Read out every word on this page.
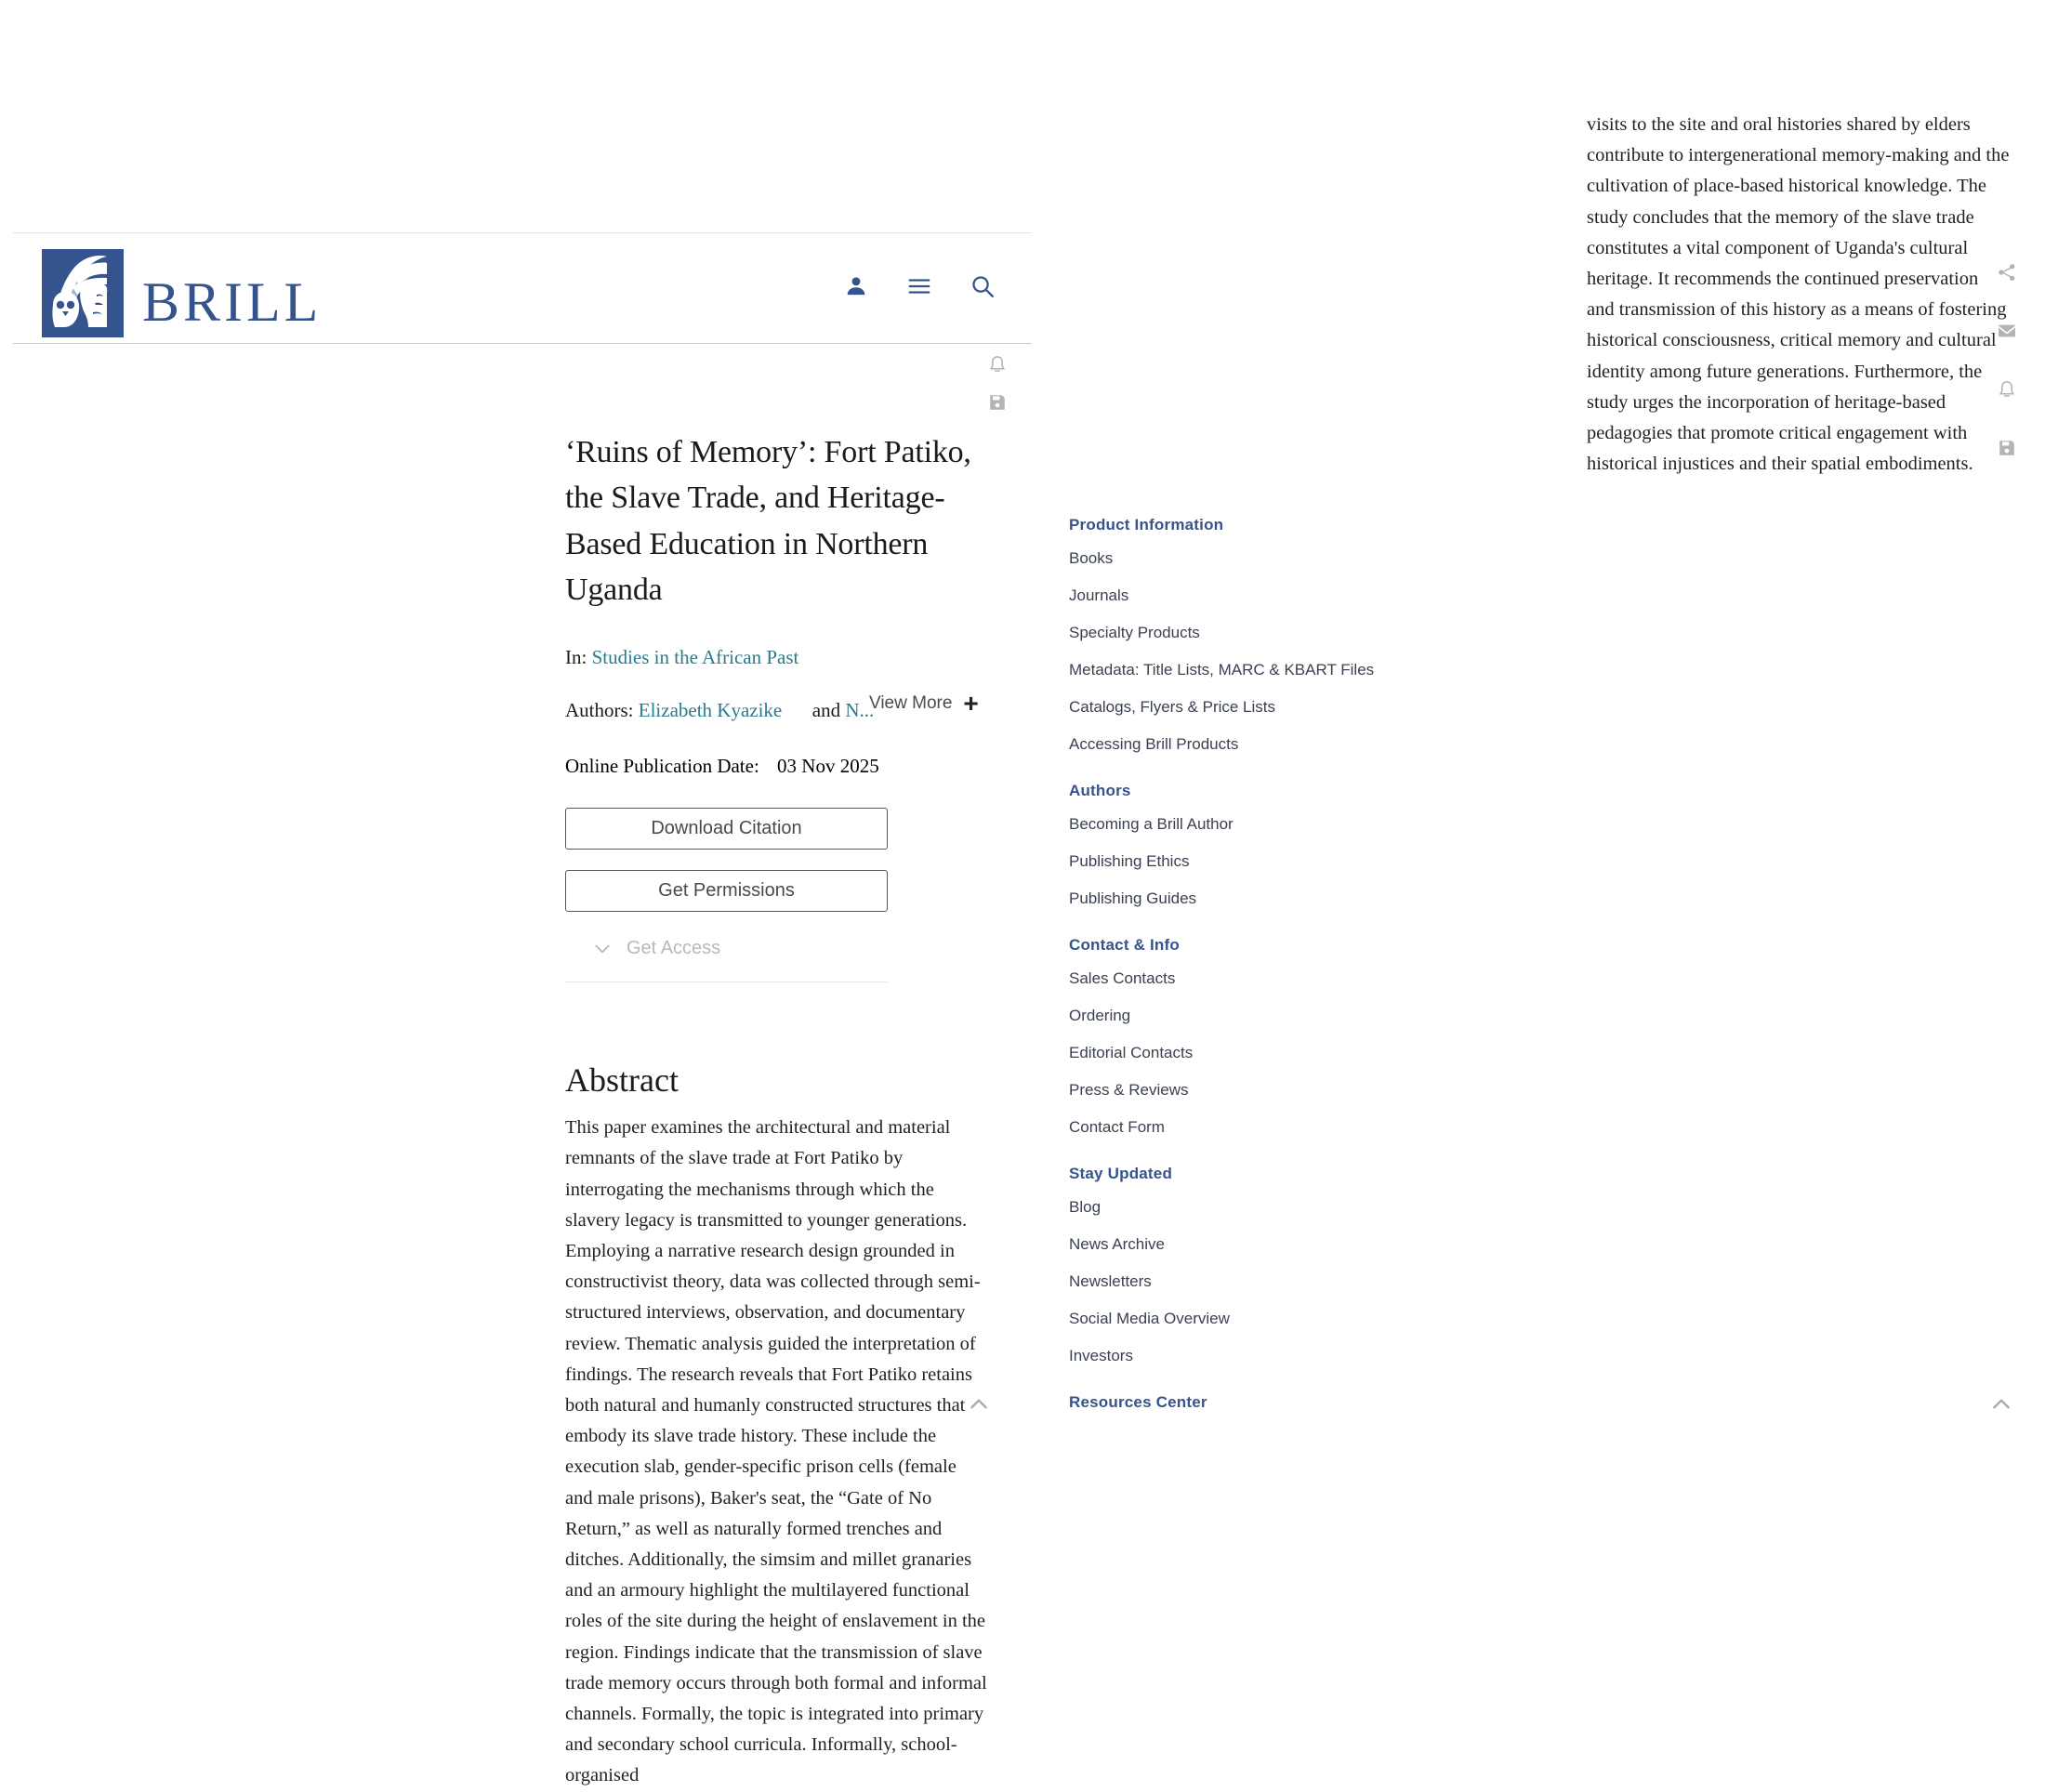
BRILL
‘Ruins of Memory’: Fort Patiko, the Slave Trade, and Heritage-Based Education in Northern Uganda
In: Studies in the African Past
Authors: Elizabeth Kyazike and N...
View More +
Online Publication Date: 03 Nov 2025
Download Citation
Get Permissions
Get Access
Abstract

This paper examines the architectural and material remnants of the slave trade at Fort Patiko by interrogating the mechanisms through which the slavery legacy is transmitted to younger generations. Employing a narrative research design grounded in constructivist theory, data was collected through semi-structured interviews, observation, and documentary review. Thematic analysis guided the interpretation of findings. The research reveals that Fort Patiko retains both natural and humanly constructed structures that embody its slave trade history. These include the execution slab, gender-specific prison cells (female and male prisons), Baker's seat, the “Gate of No Return,” as well as naturally formed trenches and ditches. Additionally, the simsim and millet granaries and an armoury highlight the multilayered functional roles of the site during the height of enslavement in the region. Findings indicate that the transmission of slave trade memory occurs through both formal and informal channels. Formally, the topic is integrated into primary and secondary school curricula. Informally, school-organised

Product Information
Books
Journals
Specialty Products
Metadata: Title Lists, MARC & KBART Files
Catalogs, Flyers & Price Lists
Accessing Brill Products
Authors
Becoming a Brill Author
Publishing Ethics
Publishing Guides
Contact & Info
Sales Contacts
Ordering
Editorial Contacts
Press & Reviews
Contact Form
Stay Updated
Blog
News Archive
Newsletters
Social Media Overview
Investors
Resources Center

visits to the site and oral histories shared by elders contribute to intergenerational memory-making and the cultivation of place-based historical knowledge. The study concludes that the memory of the slave trade constitutes a vital component of Uganda's cultural heritage. It recommends the continued preservation and transmission of this history as a means of fostering historical consciousness, critical memory and cultural identity among future generations. Furthermore, the study urges the incorporation of heritage-based pedagogies that promote critical engagement with historical injustices and their spatial embodiments.
